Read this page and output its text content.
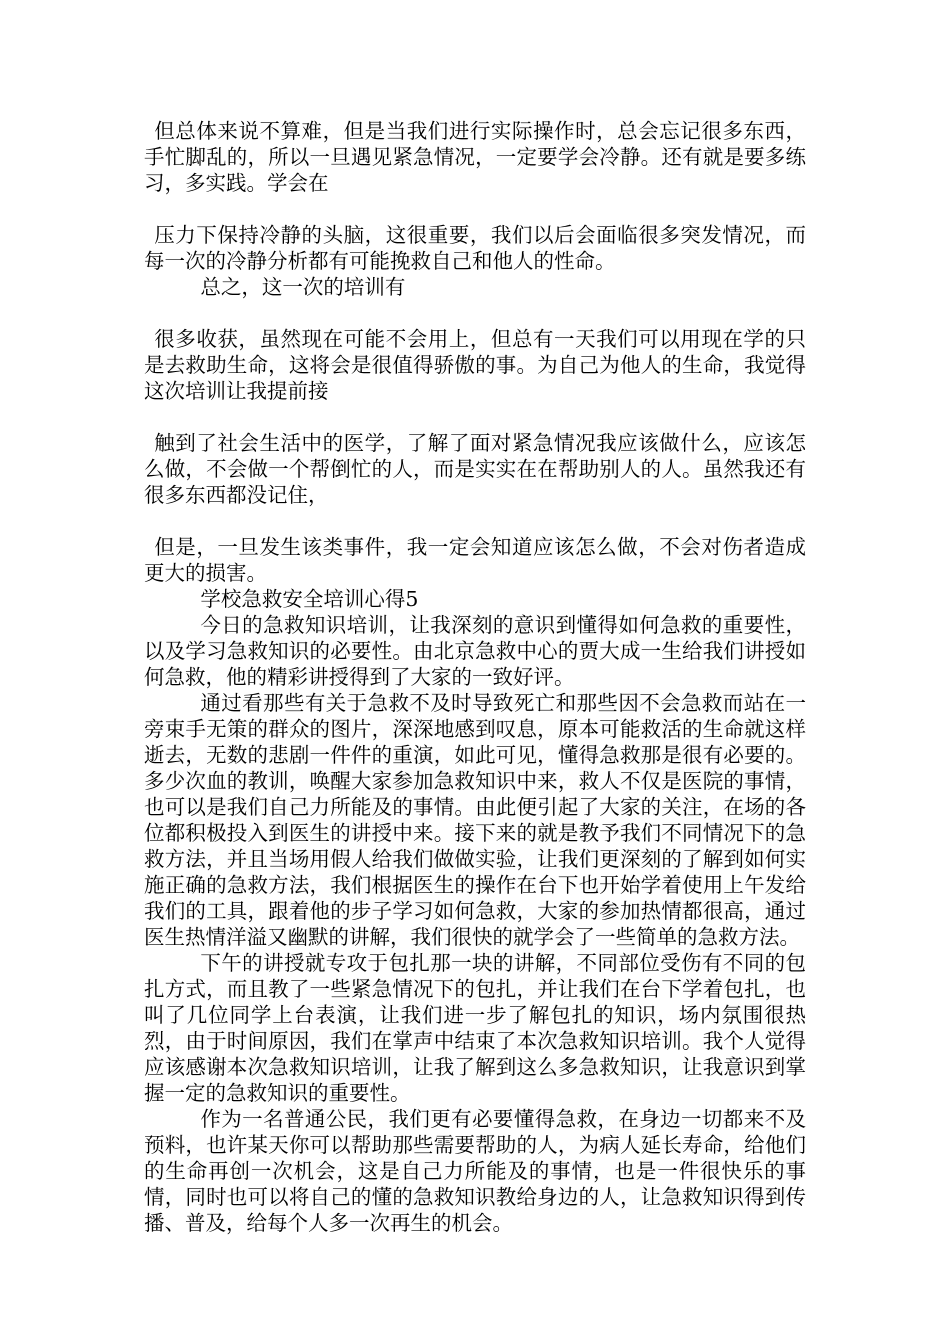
但总体来说不算难，但是当我们进行实际操作时，总会忘记很多东西，手忙脚乱的，所以一旦遇见紧急情况，一定要学会冷静。还有就是要多练习，多实践。学会在

压力下保持冷静的头脑，这很重要，我们以后会面临很多突发情况，而每一次的冷静分析都有可能挽救自己和他人的性命。

总之，这一次的培训有

很多收获，虽然现在可能不会用上，但总有一天我们可以用现在学的只是去救助生命，这将会是很值得骄傲的事。为自己为他人的生命，我觉得这次培训让我提前接

触到了社会生活中的医学，了解了面对紧急情况我应该做什么，应该怎么做，不会做一个帮倒忙的人，而是实实在在帮助别人的人。虽然我还有很多东西都没记住，

但是，一旦发生该类事件，我一定会知道应该怎么做，不会对伤者造成更大的损害。

学校急救安全培训心得5

今日的急救知识培训，让我深刻的意识到懂得如何急救的重要性，以及学习急救知识的必要性。由北京急救中心的贾大成一生给我们讲授如何急救，他的精彩讲授得到了大家的一致好评。

通过看那些有关于急救不及时导致死亡和那些因不会急救而站在一旁束手无策的群众的图片，深深地感到叹息，原本可能救活的生命就这样逝去，无数的悲剧一件件的重演，如此可见，懂得急救那是很有必要的。多少次血的教训，唤醒大家参加急救知识中来，救人不仅是医院的事情，也可以是我们自己力所能及的事情。由此便引起了大家的关注，在场的各位都积极投入到医生的讲授中来。接下来的就是教予我们不同情况下的急救方法，并且当场用假人给我们做做实验，让我们更深刻的了解到如何实施正确的急救方法，我们根据医生的操作在台下也开始学着使用上午发给我们的工具，跟着他的步子学习如何急救，大家的参加热情都很高，通过医生热情洋溢又幽默的讲解，我们很快的就学会了一些简单的急救方法。

下午的讲授就专攻于包扎那一块的讲解，不同部位受伤有不同的包扎方式，而且教了一些紧急情况下的包扎，并让我们在台下学着包扎，也叫了几位同学上台表演，让我们进一步了解包扎的知识，场内氛围很热烈，由于时间原因，我们在掌声中结束了本次急救知识培训。我个人觉得应该感谢本次急救知识培训，让我了解到这么多急救知识，让我意识到掌握一定的急救知识的重要性。

作为一名普通公民，我们更有必要懂得急救，在身边一切都来不及预料，也许某天你可以帮助那些需要帮助的人，为病人延长寿命，给他们的生命再创一次机会，这是自己力所能及的事情，也是一件很快乐的事情，同时也可以将自己的懂的急救知识教给身边的人，让急救知识得到传播、普及，给每个人多一次再生的机会。
